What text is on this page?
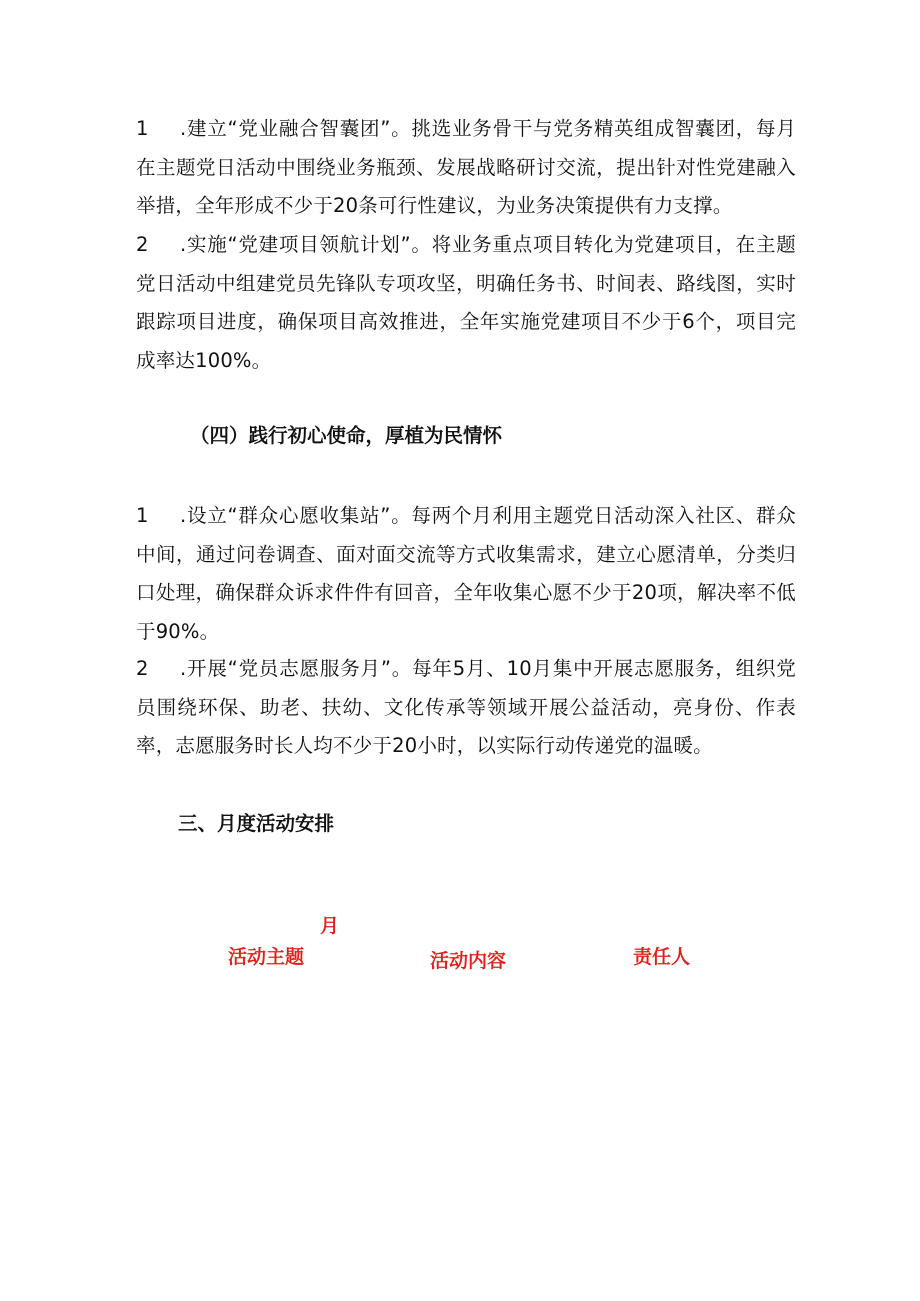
1 .建立“党业融合智囊团”。挑选业务骨干与党务精英组成智囊团，每月在主题党日活动中围绕业务瓶颈、发展战略研讨交流，提出针对性党建融入举措，全年形成不少于20条可行性建议，为业务决策提供有力支撑。

2 .实施“党建项目领航计划”。将业务重点项目转化为党建项目，在主题党日活动中组建党员先锋队专项攻坚，明确任务书、时间表、路线图，实时跟踪项目进度，确保项目高效推进，全年实施党建项目不少于6个，项目完成率达100%。

（四）践行初心使命，厚植为民情怀

1 .设立“群众心愿收集站”。每两个月利用主题党日活动深入社区、群众中间，通过问卷调查、面对面交流等方式收集需求，建立心愿清单，分类归口处理，确保群众诉求件件有回音，全年收集心愿不少于20项，解决率不低于90%。

2 .开展“党员志愿服务月”。每年5月、10月集中开展志愿服务，组织党员围绕环保、助老、扶幼、文化传承等领域开展公益活动，亮身份、作表率，志愿服务时长人均不少于20小时，以实际行动传递党的温暖。

三、月度活动安排
月
活动主题	活动内容	责任人
